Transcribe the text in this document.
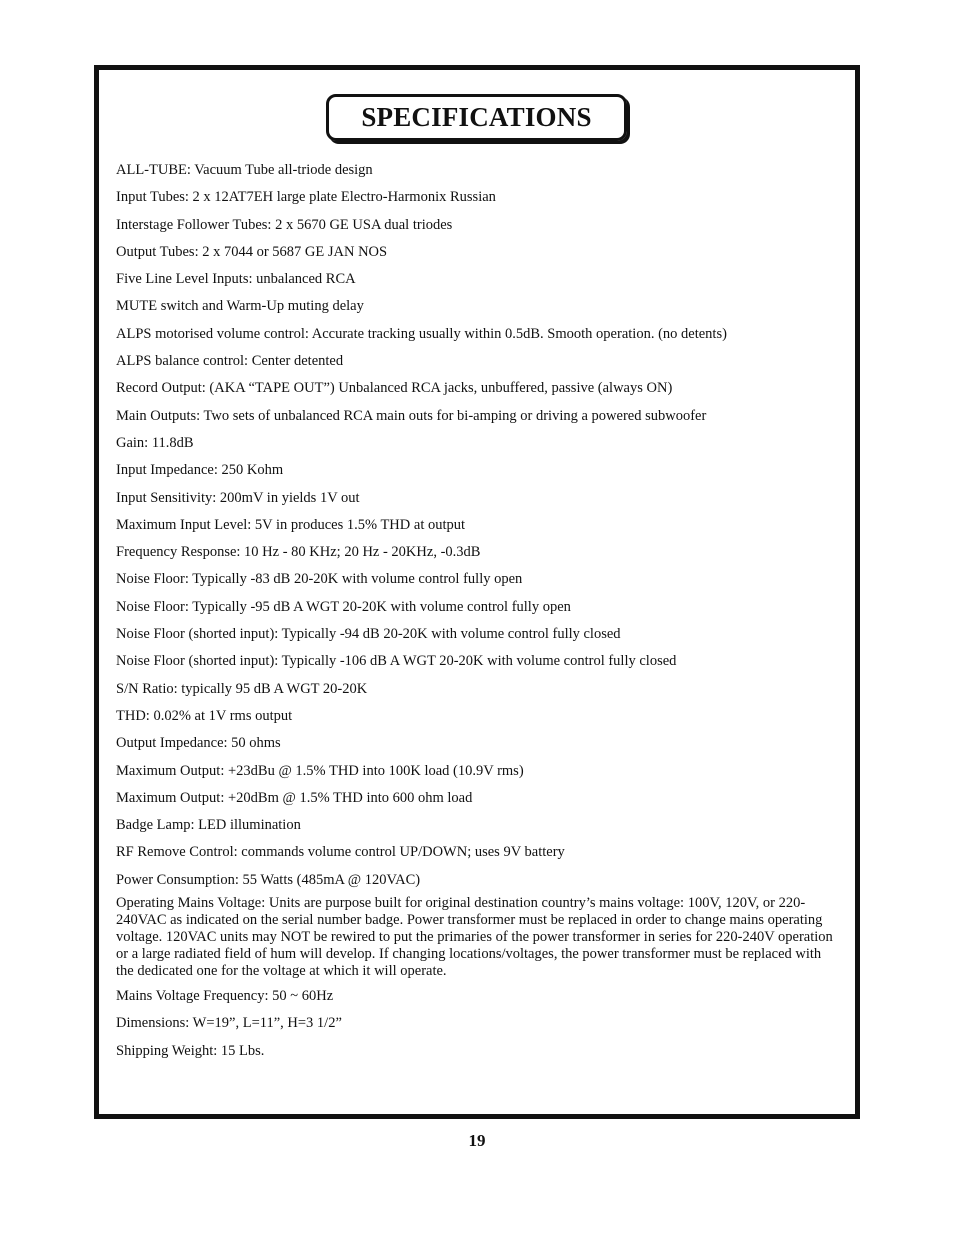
SPECIFICATIONS
ALL-TUBE: Vacuum Tube all-triode design
Input Tubes: 2 x 12AT7EH large plate Electro-Harmonix Russian
Interstage Follower Tubes: 2 x 5670 GE USA dual triodes
Output Tubes: 2 x 7044 or 5687 GE JAN NOS
Five Line Level Inputs: unbalanced RCA
MUTE switch and Warm-Up muting delay
ALPS motorised volume control: Accurate tracking usually within 0.5dB. Smooth operation. (no detents)
ALPS balance control: Center detented
Record Output: (AKA “TAPE OUT”) Unbalanced RCA jacks, unbuffered, passive (always ON)
Main Outputs: Two sets of unbalanced RCA main outs for bi-amping or driving a powered subwoofer
Gain: 11.8dB
Input Impedance: 250 Kohm
Input Sensitivity: 200mV in yields 1V out
Maximum Input Level: 5V in produces 1.5% THD at output
Frequency Response: 10 Hz - 80 KHz; 20 Hz - 20KHz, -0.3dB
Noise Floor: Typically -83 dB 20-20K with volume control fully open
Noise Floor: Typically -95 dB A WGT 20-20K with volume control fully open
Noise Floor (shorted input): Typically -94 dB 20-20K with volume control fully closed
Noise Floor (shorted input): Typically -106 dB A WGT 20-20K with volume control fully closed
S/N Ratio: typically 95 dB A WGT 20-20K
THD: 0.02% at 1V rms output
Output Impedance: 50 ohms
Maximum Output: +23dBu @ 1.5% THD into 100K load (10.9V rms)
Maximum Output: +20dBm @ 1.5% THD into 600 ohm load
Badge Lamp: LED illumination
RF Remove Control: commands volume control UP/DOWN; uses 9V battery
Power Consumption: 55 Watts (485mA @ 120VAC)
Operating Mains Voltage: Units are purpose built for original destination country’s mains voltage: 100V, 120V, or 220-240VAC as indicated on the serial number badge. Power transformer must be replaced in order to change mains operating voltage. 120VAC units may NOT be rewired to put the primaries of the power transformer in series for 220-240V operation or a large radiated field of hum will develop. If changing locations/voltages, the power transformer must be replaced with the dedicated one for the voltage at which it will operate.
Mains Voltage Frequency: 50 ~ 60Hz
Dimensions: W=19”, L=11”, H=3 1/2”
Shipping Weight: 15 Lbs.
19
